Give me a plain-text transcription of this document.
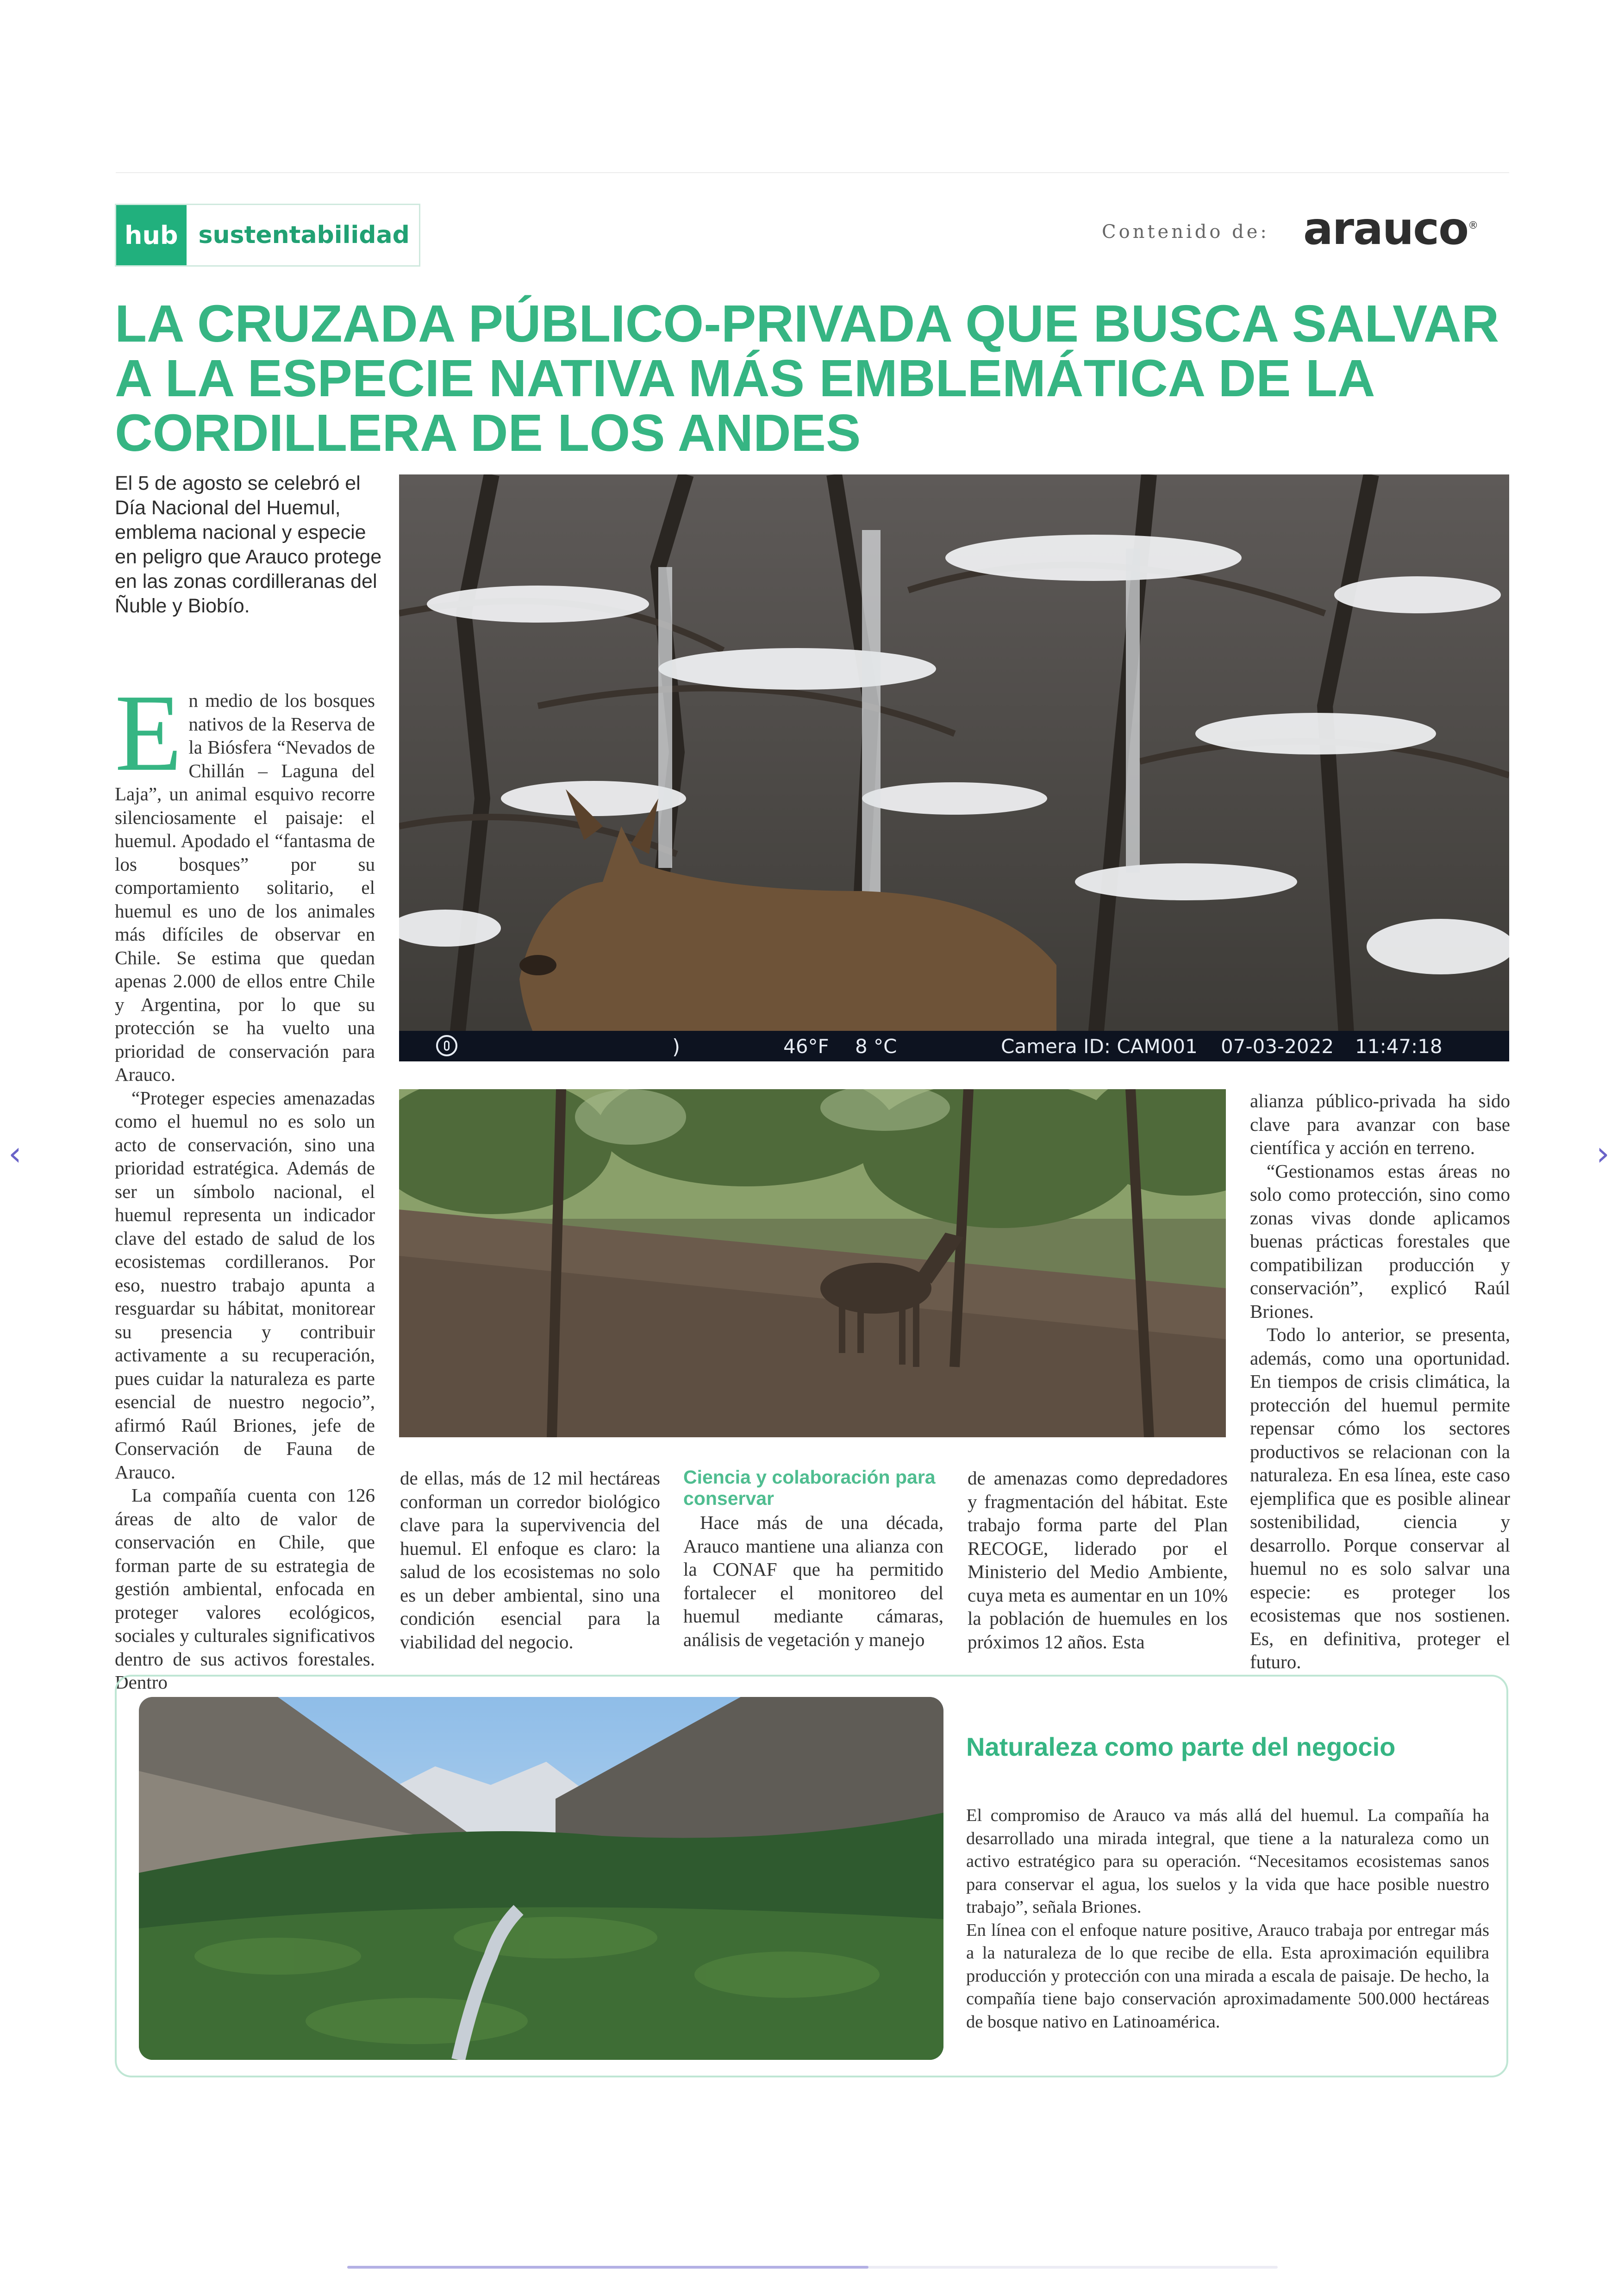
hub sustentabilidad	Contenido de: arauco®
LA CRUZADA PÚBLICO-PRIVADA QUE BUSCA SALVAR A LA ESPECIE NATIVA MÁS EMBLEMÁTICA DE LA CORDILLERA DE LOS ANDES

El 5 de agosto se celebró el Día Nacional del Huemul, emblema nacional y especie en peligro que Arauco protege en las zonas cordilleranas del Ñuble y Biobío.

)	46°F 8 °C	Camera ID: CAM001 07-03-2022 11:47:18

En medio de los bosques nativos de la Reserva de la Biósfera “Nevados de Chillán – Laguna del Laja”, un animal esquivo recorre silenciosamente el paisaje: el huemul. Apodado el “fantasma de los bosques” por su comportamiento solitario, el huemul es uno de los animales más difíciles de observar en Chile. Se estima que quedan apenas 2.000 de ellos entre Chile y Argentina, por lo que su protección se ha vuelto una prioridad de conservación para Arauco.

“Proteger especies amenazadas como el huemul no es solo un acto de conservación, sino una prioridad estratégica. Además de ser un símbolo nacional, el huemul representa un indicador clave del estado de salud de los ecosistemas cordilleranos. Por eso, nuestro trabajo apunta a resguardar su hábitat, monitorear su presencia y contribuir activamente a su recuperación, pues cuidar la naturaleza es parte esencial de nuestro negocio”, afirmó Raúl Briones, jefe de Conservación de Fauna de Arauco.

La compañía cuenta con 126 áreas de alto de valor de conservación en Chile, que forman parte de su estrategia de gestión ambiental, enfocada en proteger valores ecológicos, sociales y culturales significativos dentro de sus activos forestales. Dentro

de ellas, más de 12 mil hectáreas conforman un corredor biológico clave para la supervivencia del huemul. El enfoque es claro: la salud de los ecosistemas no solo es un deber ambiental, sino una condición esencial para la viabilidad del negocio.

Ciencia y colaboración para conservar

Hace más de una década, Arauco mantiene una alianza con la CONAF que ha permitido fortalecer el monitoreo del huemul mediante cámaras, análisis de vegetación y manejo

de amenazas como depredadores y fragmentación del hábitat. Este trabajo forma parte del Plan RECOGE, liderado por el Ministerio del Medio Ambiente, cuya meta es aumentar en un 10% la población de huemules en los próximos 12 años. Esta

alianza público-privada ha sido clave para avanzar con base científica y acción en terreno.

“Gestionamos estas áreas no solo como protección, sino como zonas vivas donde aplicamos buenas prácticas forestales que compatibilizan producción y conservación”, explicó Raúl Briones.

Todo lo anterior, se presenta, además, como una oportunidad. En tiempos de crisis climática, la protección del huemul permite repensar cómo los sectores productivos se relacionan con la naturaleza. En esa línea, este caso ejemplifica que es posible alinear sostenibilidad, ciencia y desarrollo. Porque conservar al huemul no es solo salvar una especie: es proteger los ecosistemas que nos sostienen. Es, en definitiva, proteger el futuro.

Naturaleza como parte del negocio

El compromiso de Arauco va más allá del huemul. La compañía ha desarrollado una mirada integral, que tiene a la naturaleza como un activo estratégico para su operación. “Necesitamos ecosistemas sanos para conservar el agua, los suelos y la vida que hace posible nuestro trabajo”, señala Briones.

En línea con el enfoque nature positive, Arauco trabaja por entregar más a la naturaleza de lo que recibe de ella. Esta aproximación equilibra producción y protección con una mirada a escala de paisaje. De hecho, la compañía tiene bajo conservación aproximadamente 500.000 hectáreas de bosque nativo en Latinoamérica.

‹	›
